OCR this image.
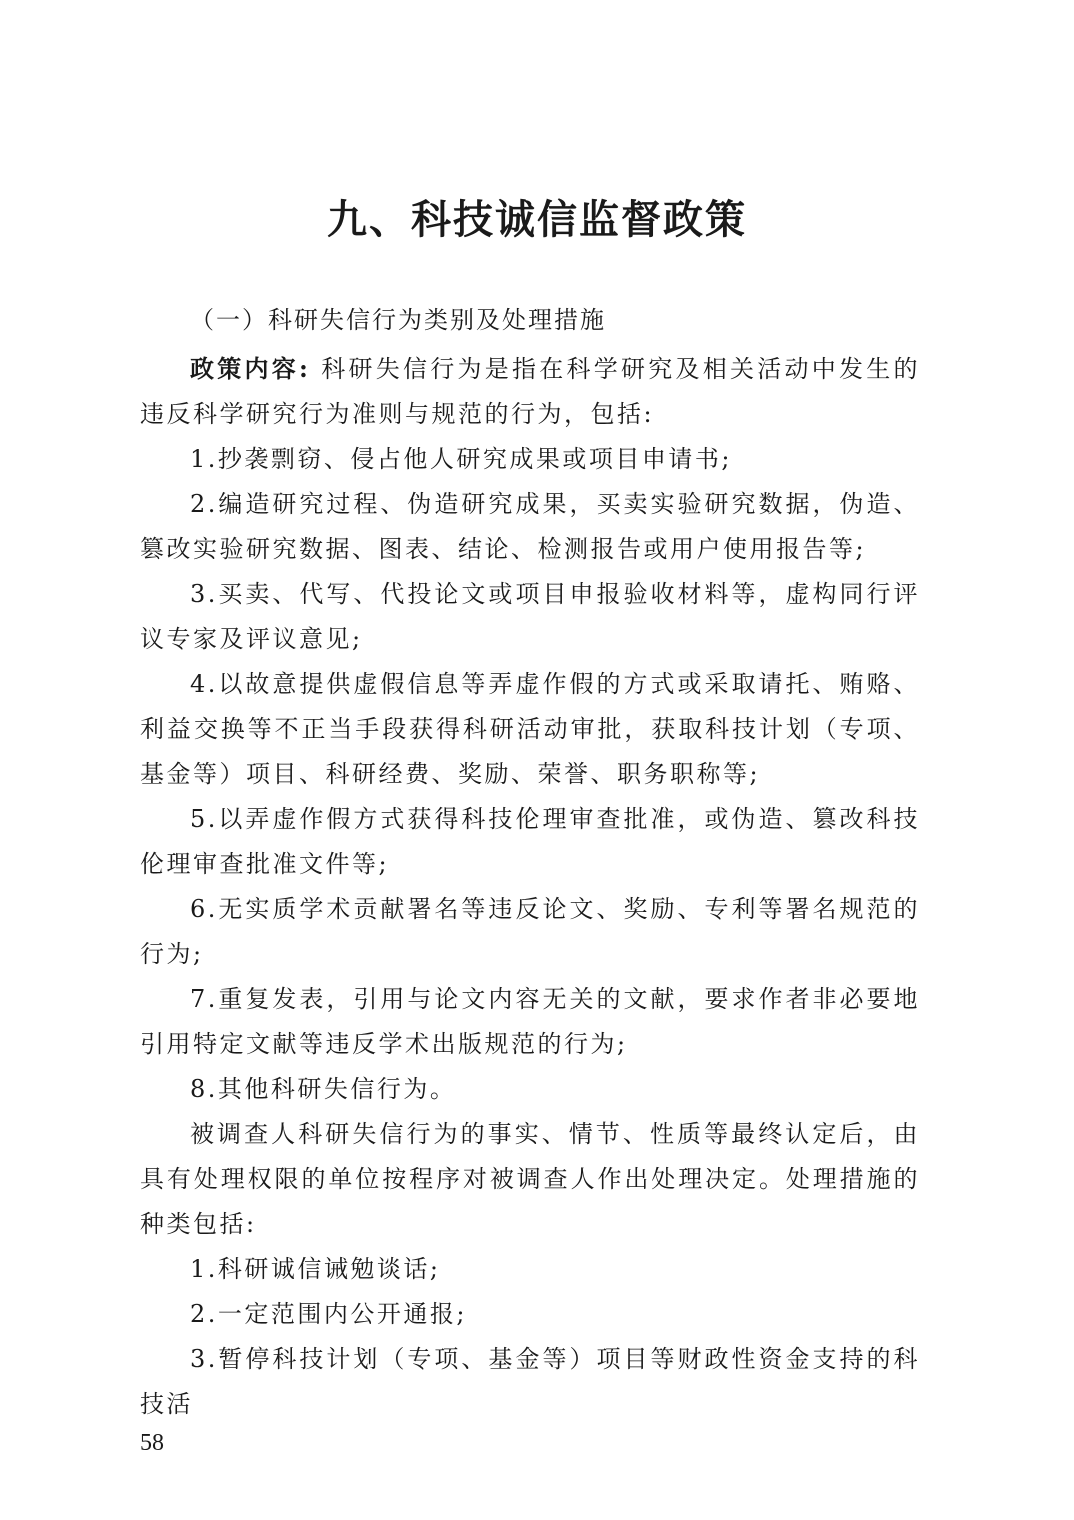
九、科技诚信监督政策
（一）科研失信行为类别及处理措施

政策内容: 科研失信行为是指在科学研究及相关活动中发生的违反科学研究行为准则与规范的行为，包括:

1.抄袭剽窃、侵占他人研究成果或项目申请书;

2.编造研究过程、伪造研究成果，买卖实验研究数据，伪造、篡改实验研究数据、图表、结论、检测报告或用户使用报告等;

3.买卖、代写、代投论文或项目申报验收材料等，虚构同行评议专家及评议意见;

4.以故意提供虚假信息等弄虚作假的方式或采取请托、贿赂、利益交换等不正当手段获得科研活动审批，获取科技计划（专项、基金等）项目、科研经费、奖励、荣誉、职务职称等;

5.以弄虚作假方式获得科技伦理审查批准，或伪造、篡改科技伦理审查批准文件等;

6.无实质学术贡献署名等违反论文、奖励、专利等署名规范的行为;

7.重复发表，引用与论文内容无关的文献，要求作者非必要地引用特定文献等违反学术出版规范的行为;

8.其他科研失信行为。

被调查人科研失信行为的事实、情节、性质等最终认定后，由具有处理权限的单位按程序对被调查人作出处理决定。处理措施的种类包括:

1.科研诚信诫勉谈话;

2.一定范围内公开通报;

3.暂停科技计划（专项、基金等）项目等财政性资金支持的科技活

58
